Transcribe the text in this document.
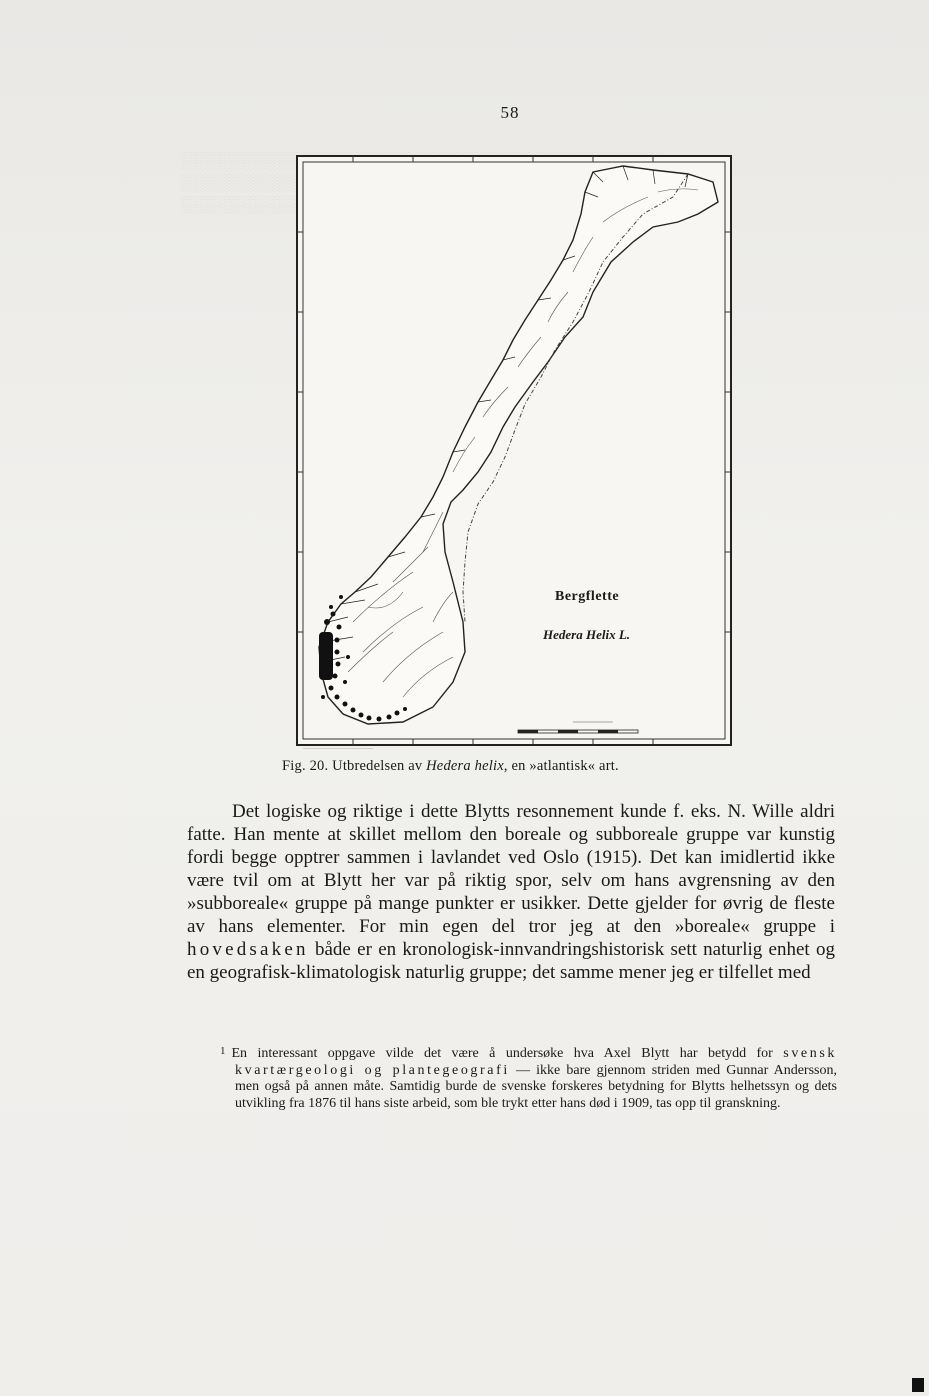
58
Bergflette
Hedera Helix L.
Fig. 20. Utbredelsen av Hedera helix, en »atlantisk« art.

Det logiske og riktige i dette Blytts resonnement kunde f. eks. N. Wille aldri fatte. Han mente at skillet mellom den boreale og subboreale gruppe var kunstig fordi begge opptrer sammen i lavlandet ved Oslo (1915). Det kan imidlertid ikke være tvil om at Blytt her var på riktig spor, selv om hans avgrensning av den »subboreale« gruppe på mange punkter er usikker. Dette gjelder for øvrig de fleste av hans elementer. For min egen del tror jeg at den »boreale« gruppe i hovedsaken både er en kronologisk-innvandringshistorisk sett naturlig enhet og en geografisk-klimatologisk naturlig gruppe; det samme mener jeg er tilfellet med

$^1$ En interessant oppgave vilde det være å undersøke hva Axel Blytt har betydd for svensk kvartærgeologi og plantegeografi — ikke bare gjennom striden med Gunnar Andersson, men også på annen måte. Samtidig burde de svenske forskeres betydning for Blytts helhetssyn og dets utvikling fra 1876 til hans siste arbeid, som ble trykt etter hans død i 1909, tas opp til granskning.
